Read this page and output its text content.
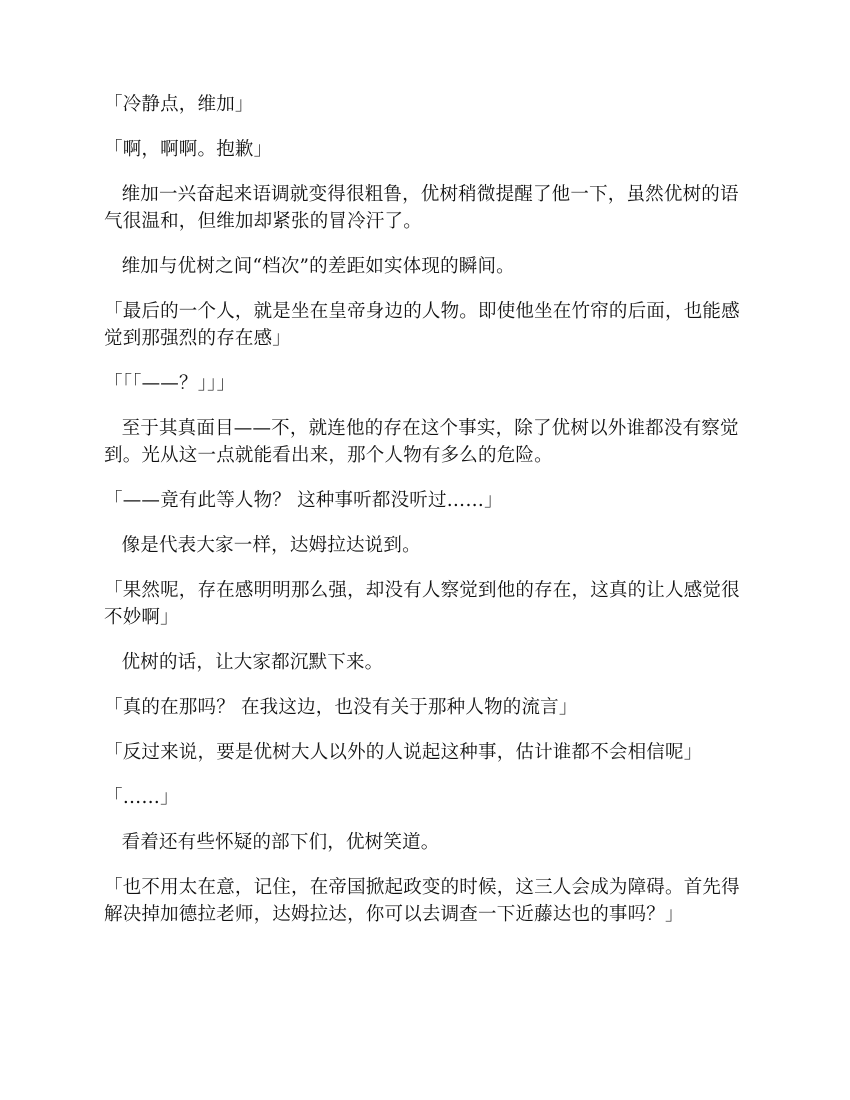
「冷静点，维加」

「啊，啊啊。抱歉」

维加一兴奋起来语调就变得很粗鲁，优树稍微提醒了他一下，虽然优树的语气很温和，但维加却紧张的冒冷汗了。

维加与优树之间“档次”的差距如实体现的瞬间。

「最后的一个人，就是坐在皇帝身边的人物。即使他坐在竹帘的后面，也能感觉到那强烈的存在感」

「「「——？」」」

至于其真面目——不，就连他的存在这个事实，除了优树以外谁都没有察觉到。光从这一点就能看出来，那个人物有多么的危险。

「——竟有此等人物？ 这种事听都没听过……」

像是代表大家一样，达姆拉达说到。

「果然呢，存在感明明那么强，却没有人察觉到他的存在，这真的让人感觉很不妙啊」

优树的话，让大家都沉默下来。

「真的在那吗？ 在我这边，也没有关于那种人物的流言」

「反过来说，要是优树大人以外的人说起这种事，估计谁都不会相信呢」

「……」

看着还有些怀疑的部下们，优树笑道。

「也不用太在意，记住，在帝国掀起政变的时候，这三人会成为障碍。首先得解决掉加德拉老师，达姆拉达，你可以去调查一下近藤达也的事吗？」
